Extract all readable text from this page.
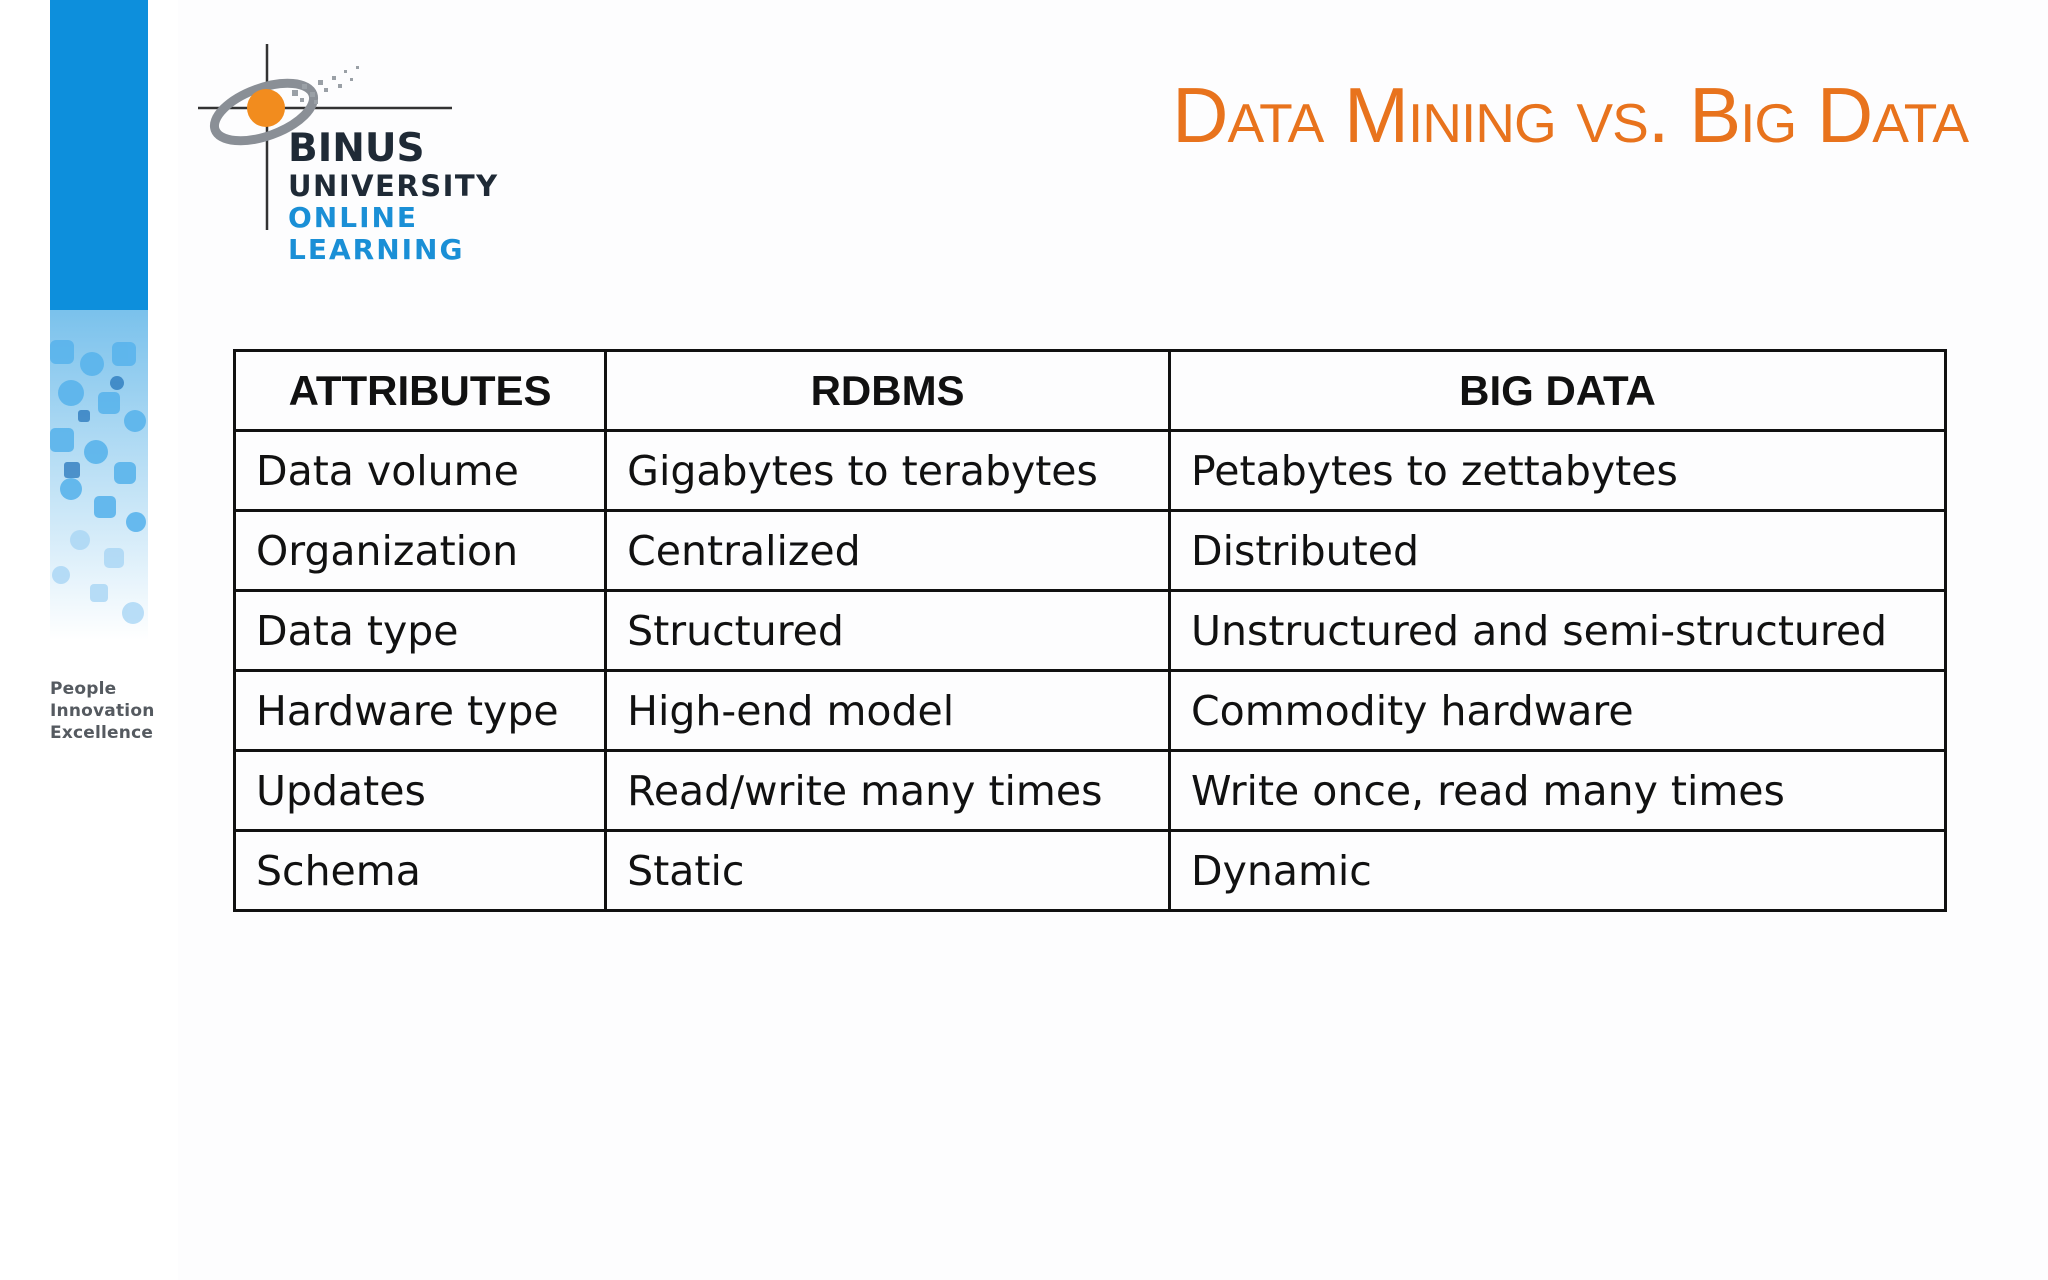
People
Innovation
Excellence
BINUS
UNIVERSITY
ONLINE
LEARNING
Data Mining vs. Big Data
ATTRIBUTES	RDBMS	BIG DATA
Data volume	Gigabytes to terabytes	Petabytes to zettabytes
Organization	Centralized	Distributed
Data type	Structured	Unstructured and semi-structured
Hardware type	High-end model	Commodity hardware
Updates	Read/write many times	Write once, read many times
Schema	Static	Dynamic
